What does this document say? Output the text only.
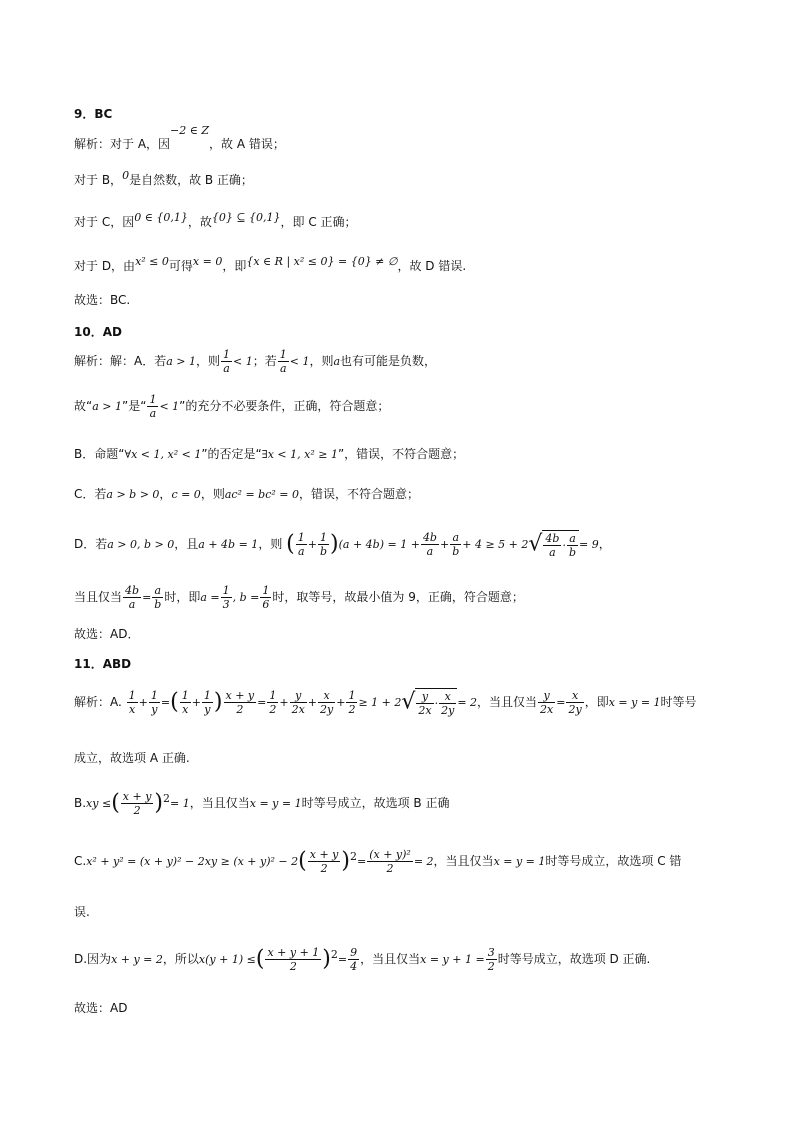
9．BC
解析：对于 A，因−2 ∈ Z，故 A 错误；
对于 B，0是自然数，故 B 正确；
对于 C，因0 ∈ {0,1}，故{0} ⊆ {0,1}，即 C 正确；
对于 D，由x² ≤ 0可得x = 0，即{x ∈ R | x² ≤ 0} = {0} ≠ ∅，故 D 错误.
故选：BC.
10．AD
解析：解：A．若a > 1，则 $\frac{1}{a} < 1$；若 $\frac{1}{a} < 1$，则a也有可能是负数，
故“a > 1”是“ $\frac{1}{a} < 1$”的充分不必要条件，正确，符合题意；
B．命题“∀x < 1, x² < 1”的否定是“∃x < 1, x² ≥ 1”，错误，不符合题意；
C．若a > b > 0，c = 0，则ac² = bc² = 0，错误，不符合题意；
D．若a > 0, b > 0，且a + 4b = 1，则 ( $\frac{1}{a} + \frac{1}{b} )(a + 4b) = 1 + \frac{4b}{a} + \frac{a}{b} + 4 \ge 5 + 2√ \frac{4b}{a} \cdot \frac{a}{b} = 9$，
当且仅当 $\frac{4b}{a} = \frac{a}{b}$ 时，即$a = \frac{1}{3}$ , $b = \frac{1}{6}$ 时，取等号，故最小值为 9，正确，符合题意；
故选：AD．
11．ABD
解析：A. $\frac{1}{x} + \frac{1}{y}$ =( $\frac{1}{x} + \frac{1}{y}$ ) $\frac{x + y}{2} = \frac{1}{2} + \frac{y}{2x} + \frac{x}{2y} + \frac{1}{2} \ge 1 + 2√ \frac{y}{2x} \cdot \frac{x}{2y} = 2$，当且仅当 $\frac{y}{2x} = \frac{x}{2y}$ ，即x = y = 1时等号
成立，故选项 A 正确.
B.xy ≤( $\frac{x + y}{2} )^2= 1$，当且仅当x = y = 1时等号成立，故选项 B 正确
$C.x^2 + y^2 = (x + y)^2 - 2xy \ge (x + y)^2 - 2( \frac{x + y}{2} )^2= \frac{\text{(x + y)²}}{2} = 2$，当且仅当x = y = 1时等号成立，故选项 C 错
误.
D.因为x + y = 2，所以x(y + 1) ≤( $\frac{x + y + 1}{2} )^2= \frac{9}{4}$ ，当且仅当$x = y + 1 = \frac{3}{2}$ 时等号成立，故选项 D 正确.
故选：AD
